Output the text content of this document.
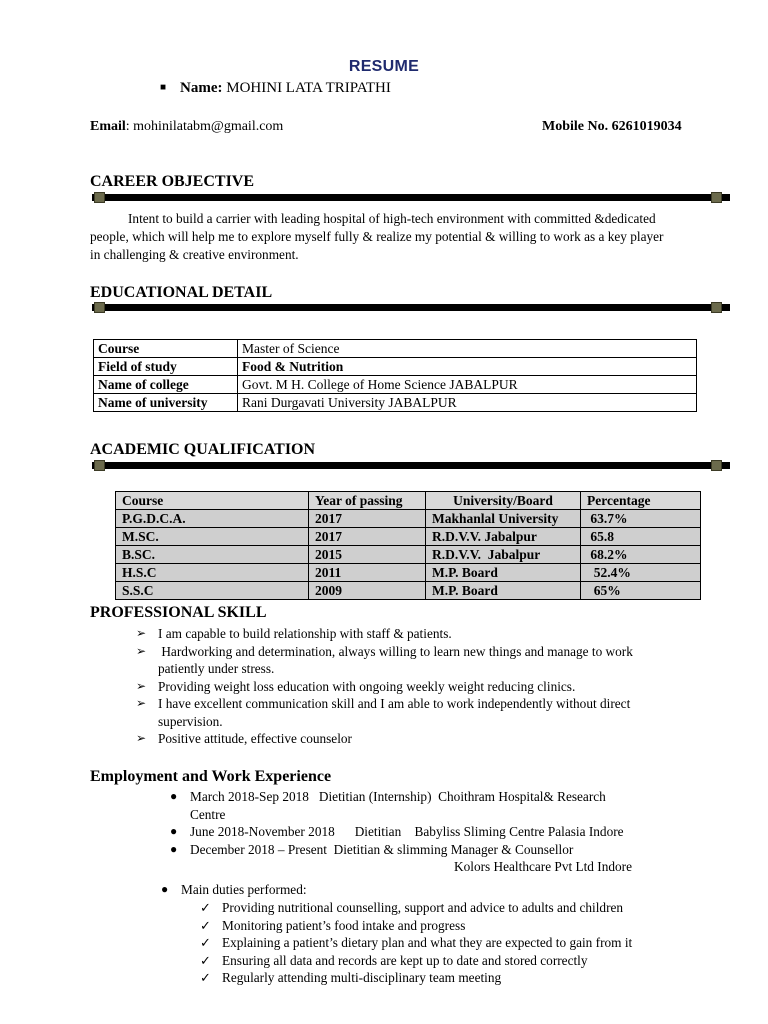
RESUME
■ Name: MOHINI LATA TRIPATHI
Email: mohinilatabm@gmail.com	Mobile No. 6261019034
CAREER OBJECTIVE
Intent to build a carrier with leading hospital of high-tech environment with committed &dedicated
people, which will help me to explore myself fully & realize my potential & willing to work as a key player
in challenging & creative environment.
EDUCATIONAL DETAIL
Course	Master of Science
Field of study	Food & Nutrition
Name of college	Govt. M H. College of Home Science JABALPUR
Name of university	Rani Durgavati University JABALPUR
ACADEMIC QUALIFICATION
Course	Year of passing	University/Board	Percentage
P.G.D.C.A.	2017	Makhanlal University	63.7%
M.SC.	2017	R.D.V.V. Jabalpur	65.8
B.SC.	2015	R.D.V.V.  Jabalpur	68.2%
H.S.C	2011	M.P. Board	52.4%
S.S.C	2009	M.P. Board	65%
PROFESSIONAL SKILL
➢ I am capable to build relationship with staff & patients.
➢ Hardworking and determination, always willing to learn new things and manage to work
patiently under stress.
➢ Providing weight loss education with ongoing weekly weight reducing clinics.
➢ I have excellent communication skill and I am able to work independently without direct
supervision.
➢ Positive attitude, effective counselor
Employment and Work Experience
● March 2018-Sep 2018   Dietitian (Internship)  Choithram Hospital& Research
Centre
● June 2018-November 2018      Dietitian    Babyliss Sliming Centre Palasia Indore
● December 2018 – Present  Dietitian & slimming Manager & Counsellor
Kolors Healthcare Pvt Ltd Indore
● Main duties performed:
✓ Providing nutritional counselling, support and advice to adults and children
✓ Monitoring patient’s food intake and progress
✓ Explaining a patient’s dietary plan and what they are expected to gain from it
✓ Ensuring all data and records are kept up to date and stored correctly
✓ Regularly attending multi-disciplinary team meeting
